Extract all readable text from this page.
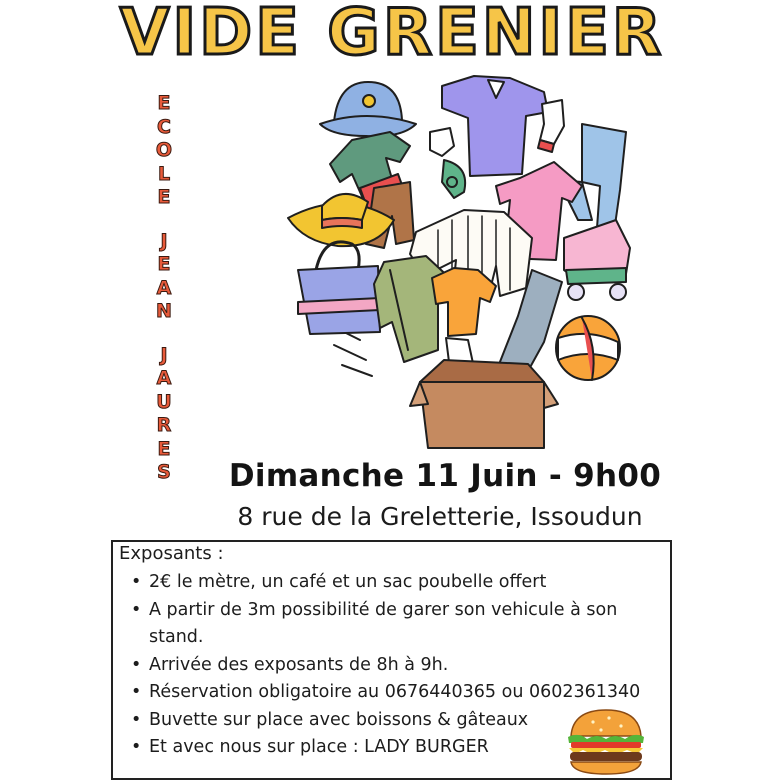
VIDE GRENIER
E
C
O
L
E
J
E
A
N
J
A
U
R
E
S	Dimanche 11 Juin - 9h00
8 rue de la Greletterie, Issoudun
Exposants :
• 2€ le mètre, un café et un sac poubelle offert
• A partir de 3m possibilité de garer son vehicule à son stand.
• Arrivée des exposants de 8h à 9h.
• Réservation obligatoire au 0676440365 ou 0602361340
• Buvette sur place avec boissons & gâteaux
• Et avec nous sur place : LADY BURGER
